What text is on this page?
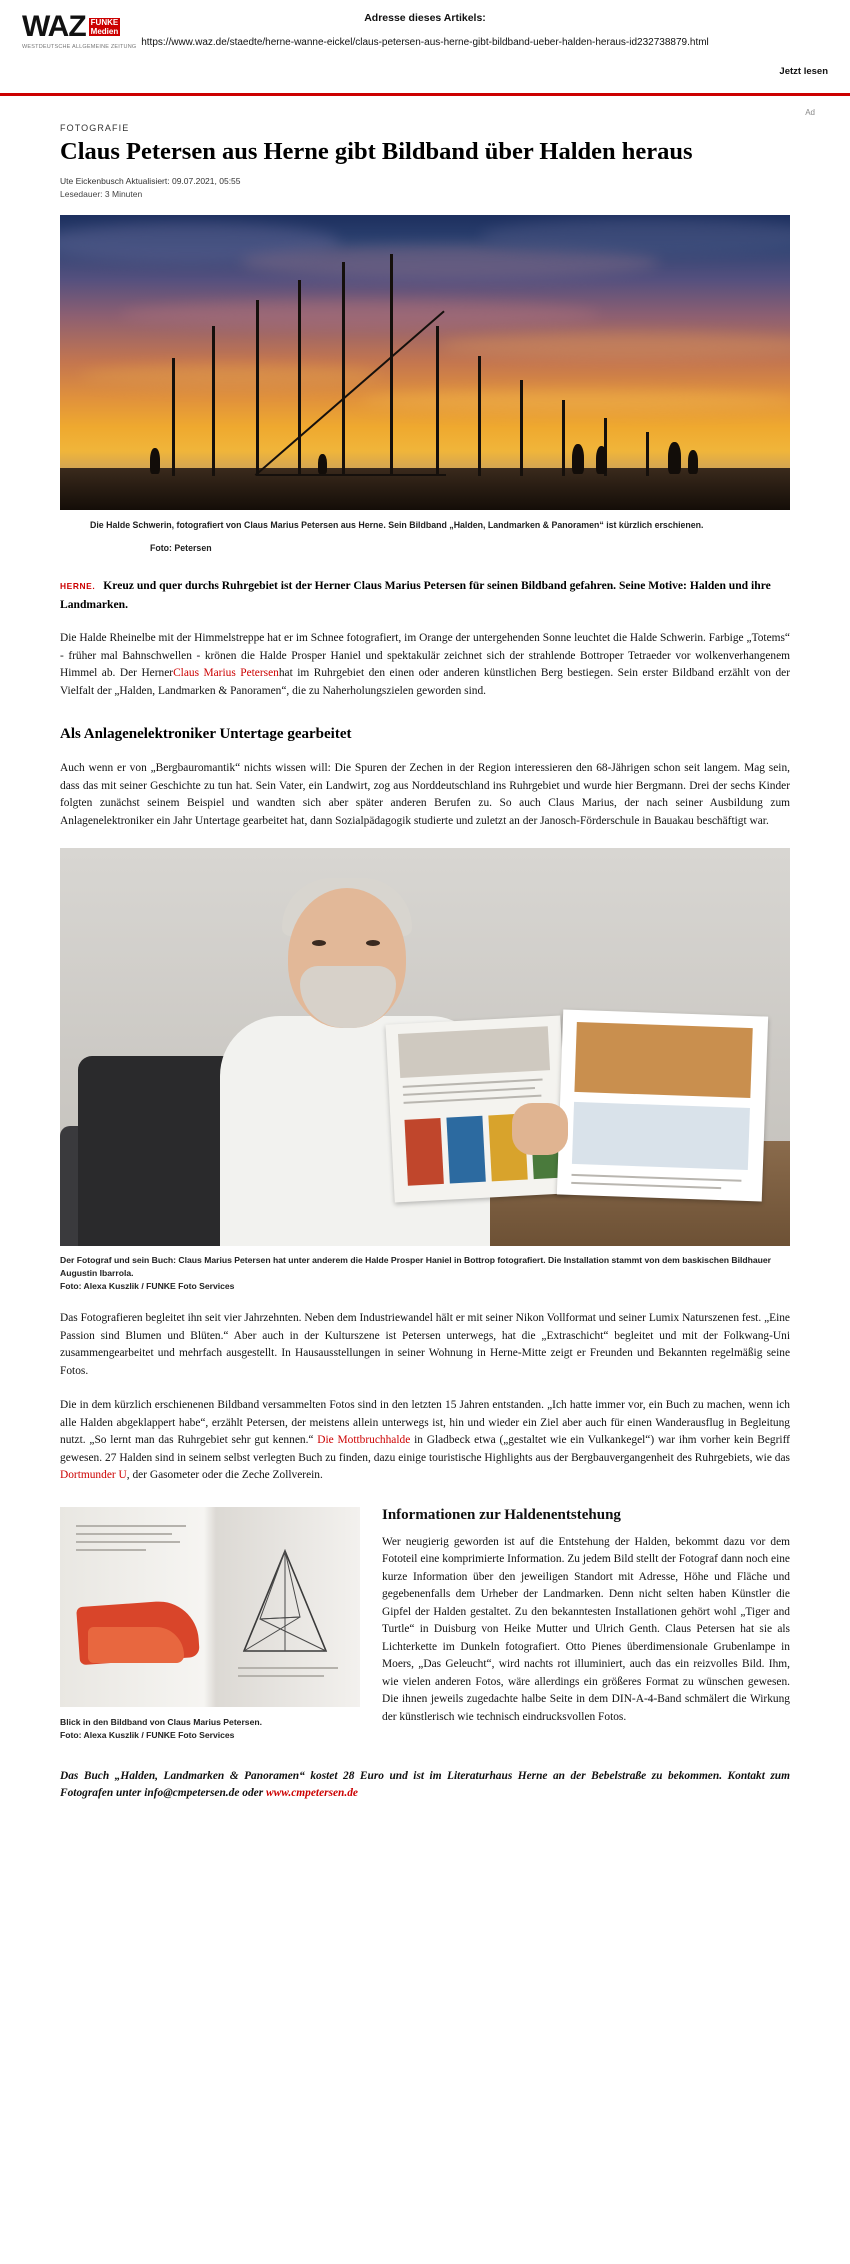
WAZ FUNKE
Medien
WESTDEUTSCHE ALLGEMEINE ZEITUNG
Adresse dieses Artikels:
https://www.waz.de/staedte/herne-wanne-eickel/claus-petersen-aus-herne-gibt-bildband-ueber-halden-heraus-id232738879.html
Jetzt lesen
Ad
FOTOGRAFIE
Claus Petersen aus Herne gibt Bildband über Halden heraus
Ute Eickenbusch Aktualisiert: 09.07.2021, 05:55
Lesedauer: 3 Minuten
Die Halde Schwerin, fotografiert von Claus Marius Petersen aus Herne. Sein Bildband „Halden, Landmarken & Panoramen“ ist kürzlich erschienen.
Foto: Petersen

HERNE. Kreuz und quer durchs Ruhrgebiet ist der Herner Claus Marius Petersen für seinen Bildband gefahren. Seine Motive: Halden und ihre Landmarken.

Die Halde Rheinelbe mit der Himmelstreppe hat er im Schnee fotografiert, im Orange der untergehenden Sonne leuchtet die Halde Schwerin. Farbige „Totems“ - früher mal Bahnschwellen - krönen die Halde Prosper Haniel und spektakulär zeichnet sich der strahlende Bottroper Tetraeder vor wolkenverhangenem Himmel ab. Der HernerClaus Marius Petersenhat im Ruhrgebiet den einen oder anderen künstlichen Berg bestiegen. Sein erster Bildband erzählt von der Vielfalt der „Halden, Landmarken & Panoramen“, die zu Naherholungszielen geworden sind.

Als Anlagenelektroniker Untertage gearbeitet

Auch wenn er von „Bergbauromantik“ nichts wissen will: Die Spuren der Zechen in der Region interessieren den 68-Jährigen schon seit langem. Mag sein, dass das mit seiner Geschichte zu tun hat. Sein Vater, ein Landwirt, zog aus Norddeutschland ins Ruhrgebiet und wurde hier Bergmann. Drei der sechs Kinder folgten zunächst seinem Beispiel und wandten sich aber später anderen Berufen zu. So auch Claus Marius, der nach seiner Ausbildung zum Anlagenelektroniker ein Jahr Untertage gearbeitet hat, dann Sozialpädagogik studierte und zuletzt an der Janosch-Förderschule in Bauakau beschäftigt war.

Der Fotograf und sein Buch: Claus Marius Petersen hat unter anderem die Halde Prosper Haniel in Bottrop fotografiert. Die Installation stammt von dem baskischen Bildhauer Augustin Ibarrola.
Foto: Alexa Kuszlik / FUNKE Foto Services

Das Fotografieren begleitet ihn seit vier Jahrzehnten. Neben dem Industriewandel hält er mit seiner Nikon Vollformat und seiner Lumix Naturszenen fest. „Eine Passion sind Blumen und Blüten.“ Aber auch in der Kulturszene ist Petersen unterwegs, hat die „Extraschicht“ begleitet und mit der Folkwang-Uni zusammengearbeitet und mehrfach ausgestellt. In Hausausstellungen in seiner Wohnung in Herne-Mitte zeigt er Freunden und Bekannten regelmäßig seine Fotos.

Die in dem kürzlich erschienenen Bildband versammelten Fotos sind in den letzten 15 Jahren entstanden. „Ich hatte immer vor, ein Buch zu machen, wenn ich alle Halden abgeklappert habe“, erzählt Petersen, der meistens allein unterwegs ist, hin und wieder ein Ziel aber auch für einen Wanderausflug in Begleitung nutzt. „So lernt man das Ruhrgebiet sehr gut kennen.“ Die Mottbruchhalde in Gladbeck etwa („gestaltet wie ein Vulkankegel“) war ihm vorher kein Begriff gewesen. 27 Halden sind in seinem selbst verlegten Buch zu finden, dazu einige touristische Highlights aus der Bergbauvergangenheit des Ruhrgebiets, wie das Dortmunder U, der Gasometer oder die Zeche Zollverein.

Blick in den Bildband von Claus Marius Petersen.
Foto: Alexa Kuszlik / FUNKE Foto Services
Informationen zur Haldenentstehung

Wer neugierig geworden ist auf die Entstehung der Halden, bekommt dazu vor dem Fototeil eine komprimierte Information. Zu jedem Bild stellt der Fotograf dann noch eine kurze Information über den jeweiligen Standort mit Adresse, Höhe und Fläche und gegebenenfalls dem Urheber der Landmarken. Denn nicht selten haben Künstler die Gipfel der Halden gestaltet. Zu den bekanntesten Installationen gehört wohl „Tiger and Turtle“ in Duisburg von Heike Mutter und Ulrich Genth. Claus Petersen hat sie als Lichterkette im Dunkeln fotografiert. Otto Pienes überdimensionale Grubenlampe in Moers, „Das Geleucht“, wird nachts rot illuminiert, auch das ein reizvolles Bild. Ihm, wie vielen anderen Fotos, wäre allerdings ein größeres Format zu wünschen gewesen. Die ihnen jeweils zugedachte halbe Seite in dem DIN-A-4-Band schmälert die Wirkung der künstlerisch wie technisch eindrucksvollen Fotos.

Das Buch „Halden, Landmarken & Panoramen“ kostet 28 Euro und ist im Literaturhaus Herne an der Bebelstraße zu bekommen. Kontakt zum Fotografen unter info@cmpetersen.de oder www.cmpetersen.de
